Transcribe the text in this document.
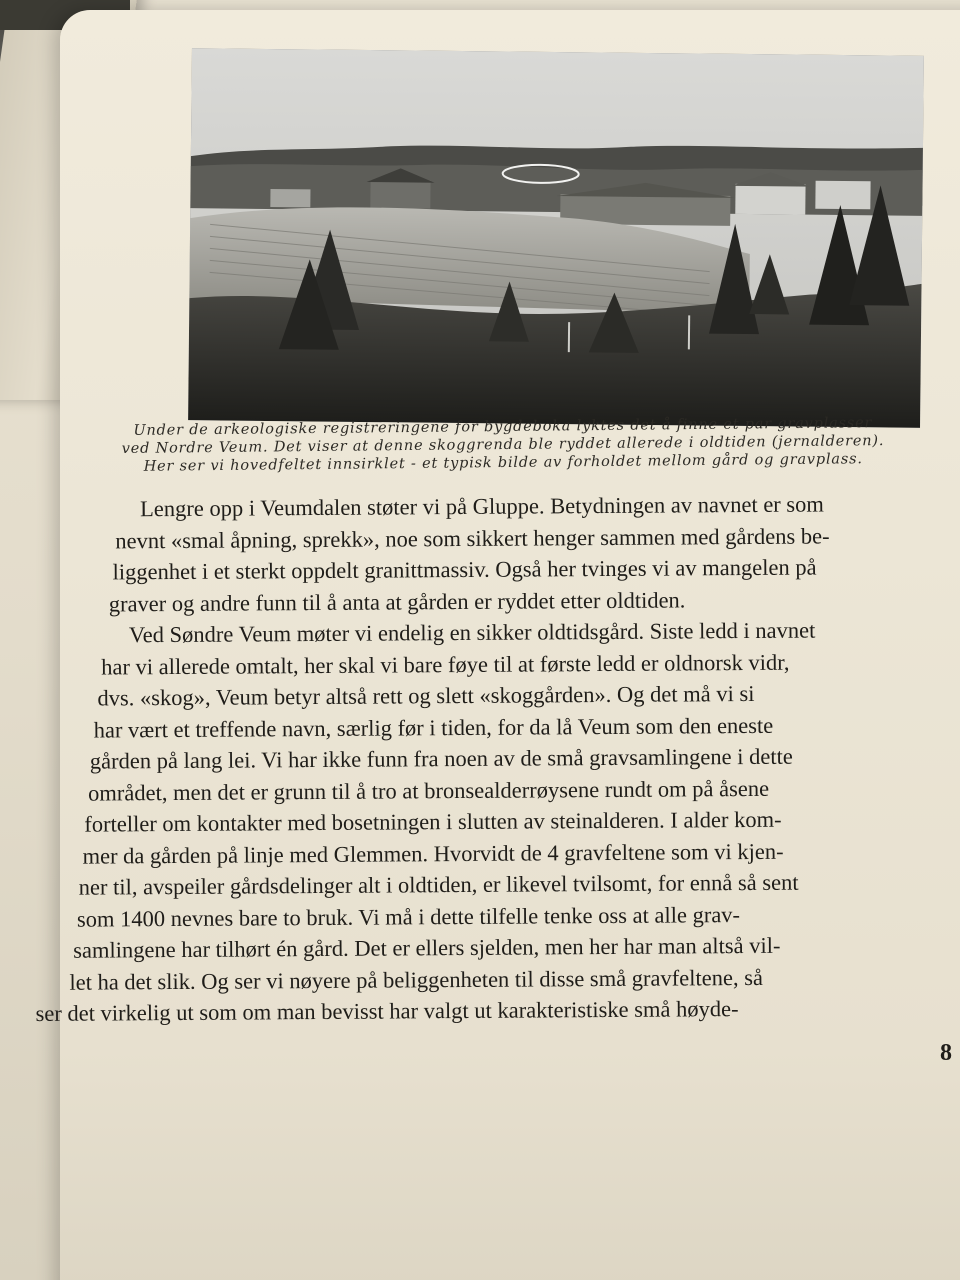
Under de arkeologiske registreringene for bygdeboka lyktes det å finne et par gravplasser
ved Nordre Veum. Det viser at denne skoggrenda ble ryddet allerede i oldtiden (jernalderen).
Her ser vi hovedfeltet innsirklet - et typisk bilde av forholdet mellom gård og gravplass.
Lengre opp i Veumdalen støter vi på Gluppe. Betydningen av navnet er som
nevnt «smal åpning, sprekk», noe som sikkert henger sammen med gårdens be-
liggenhet i et sterkt oppdelt granittmassiv. Også her tvinges vi av mangelen på
graver og andre funn til å anta at gården er ryddet etter oldtiden.
Ved Søndre Veum møter vi endelig en sikker oldtidsgård. Siste ledd i navnet
har vi allerede omtalt, her skal vi bare føye til at første ledd er oldnorsk vidr,
dvs. «skog», Veum betyr altså rett og slett «skoggården». Og det må vi si
har vært et treffende navn, særlig før i tiden, for da lå Veum som den eneste
gården på lang lei. Vi har ikke funn fra noen av de små gravsamlingene i dette
området, men det er grunn til å tro at bronsealderrøysene rundt om på åsene
forteller om kontakter med bosetningen i slutten av steinalderen. I alder kom-
mer da gården på linje med Glemmen. Hvorvidt de 4 gravfeltene som vi kjen-
ner til, avspeiler gårdsdelinger alt i oldtiden, er likevel tvilsomt, for ennå så sent
som 1400 nevnes bare to bruk. Vi må i dette tilfelle tenke oss at alle grav-
samlingene har tilhørt én gård. Det er ellers sjelden, men her har man altså vil-
let ha det slik. Og ser vi nøyere på beliggenheten til disse små gravfeltene, så
ser det virkelig ut som om man bevisst har valgt ut karakteristiske små høyde-
8
